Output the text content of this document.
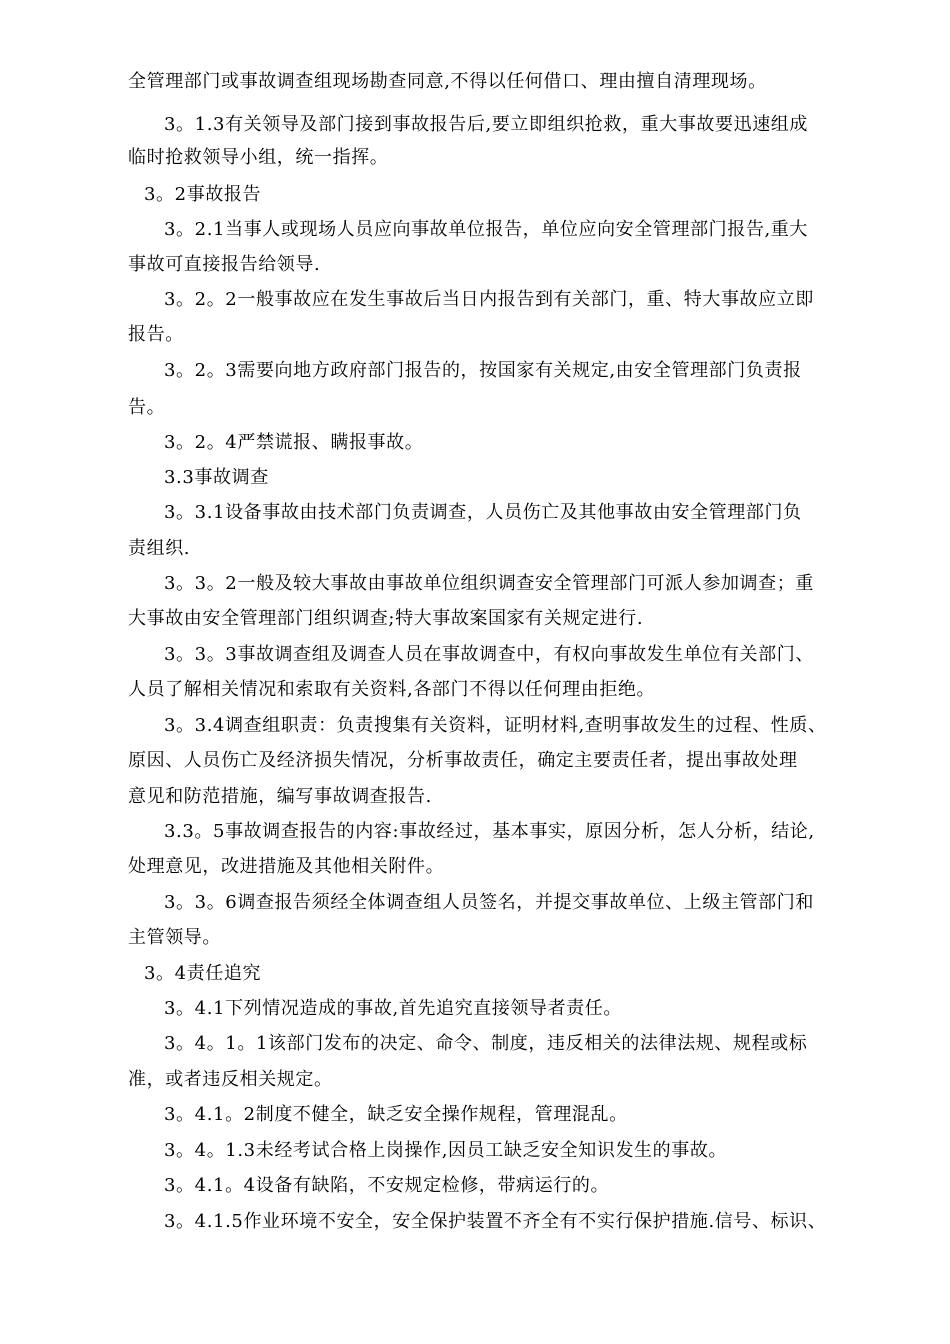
全管理部门或事故调查组现场勘查同意,不得以任何借口、理由擅自清理现场。
3。1.3有关领导及部门接到事故报告后,要立即组织抢救，重大事故要迅速组成
临时抢救领导小组，统一指挥。
3。2事故报告
3。2.1当事人或现场人员应向事故单位报告，单位应向安全管理部门报告,重大
事故可直接报告给领导.
3。2。2一般事故应在发生事故后当日内报告到有关部门，重、特大事故应立即
报告。
3。2。3需要向地方政府部门报告的，按国家有关规定,由安全管理部门负责报
告。
3。2。4严禁谎报、瞒报事故。
3.3事故调查
3。3.1设备事故由技术部门负责调查，人员伤亡及其他事故由安全管理部门负
责组织.
3。3。2一般及较大事故由事故单位组织调查安全管理部门可派人参加调查；重
大事故由安全管理部门组织调查;特大事故案国家有关规定进行.
3。3。3事故调查组及调查人员在事故调查中，有权向事故发生单位有关部门、
人员了解相关情况和索取有关资料,各部门不得以任何理由拒绝。
3。3.4调查组职责：负责搜集有关资料，证明材料,查明事故发生的过程、性质、
原因、人员伤亡及经济损失情况，分析事故责任，确定主要责任者，提出事故处理
意见和防范措施，编写事故调查报告.
3.3。5事故调查报告的内容:事故经过，基本事实，原因分析，怎人分析，结论,
处理意见，改进措施及其他相关附件。
3。3。6调查报告须经全体调查组人员签名，并提交事故单位、上级主管部门和
主管领导。
3。4责任追究
3。4.1下列情况造成的事故,首先追究直接领导者责任。
3。4。1。1该部门发布的决定、命令、制度，违反相关的法律法规、规程或标
准，或者违反相关规定。
3。4.1。2制度不健全，缺乏安全操作规程，管理混乱。
3。4。1.3未经考试合格上岗操作,因员工缺乏安全知识发生的事故。
3。4.1。4设备有缺陷，不安规定检修，带病运行的。
3。4.1.5作业环境不安全，安全保护装置不齐全有不实行保护措施.信号、标识、
